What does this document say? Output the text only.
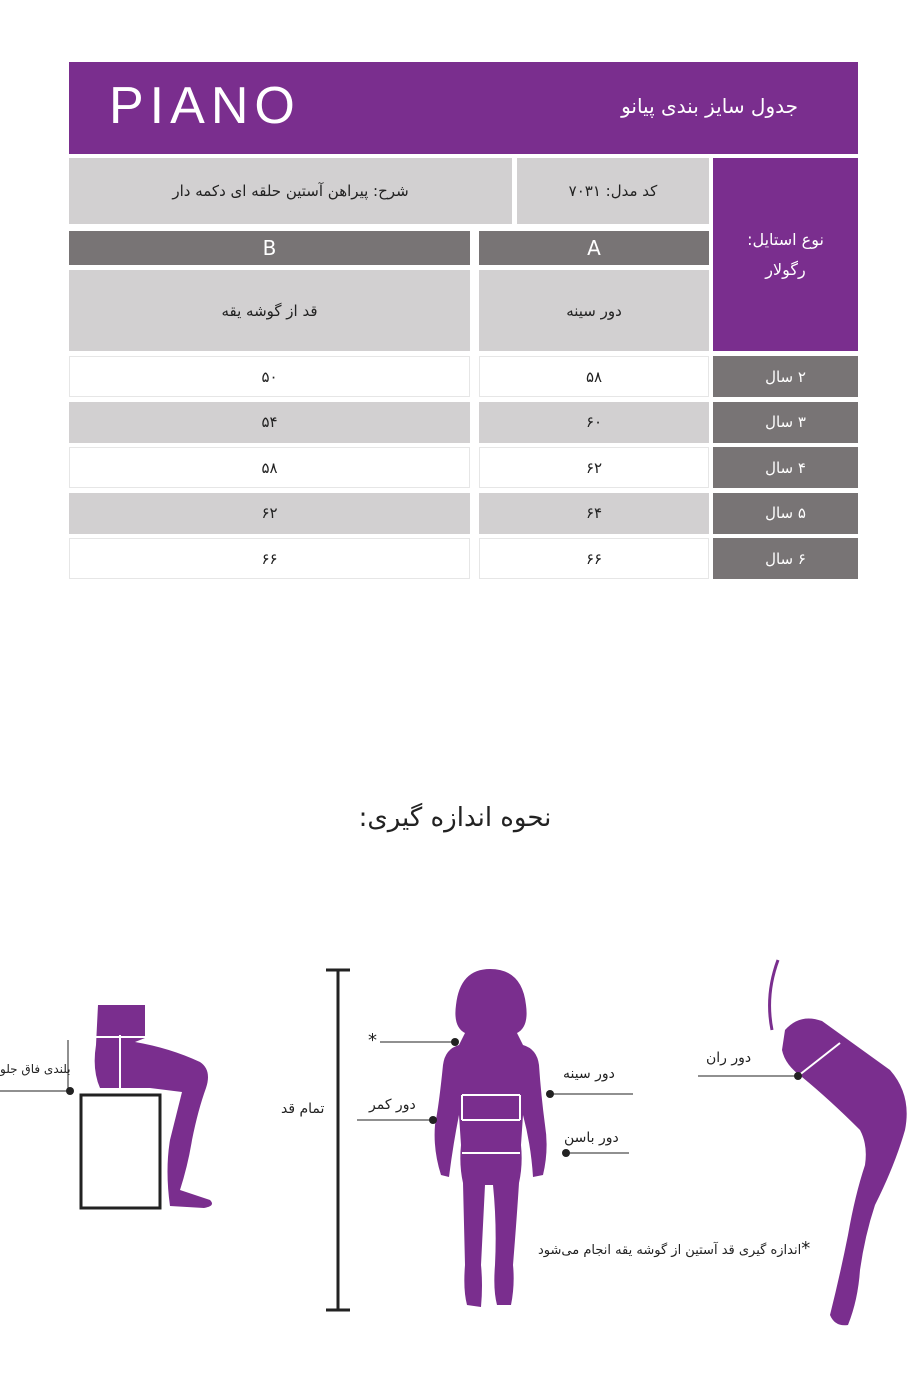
PIANO	جدول سایز بندی پیانو
شرح: پیراهن آستین حلقه ای دکمه دار	کد مدل: ۷۰۳۱
نوع استایل:
رگولار
B	A
قد از گوشه یقه	دور سینه
۵۰	۵۸	۲ سال
۵۴	۶۰	۳ سال
۵۸	۶۲	۴ سال
۶۲	۶۴	۵ سال
۶۶	۶۶	۶ سال
نحوه اندازه گیری:
بلندی فاق جلو
تمام قد
*
دور کمر
دور سینه
دور باسن
دور ران
*اندازه گیری قد آستین از گوشه یقه انجام می‌شود
